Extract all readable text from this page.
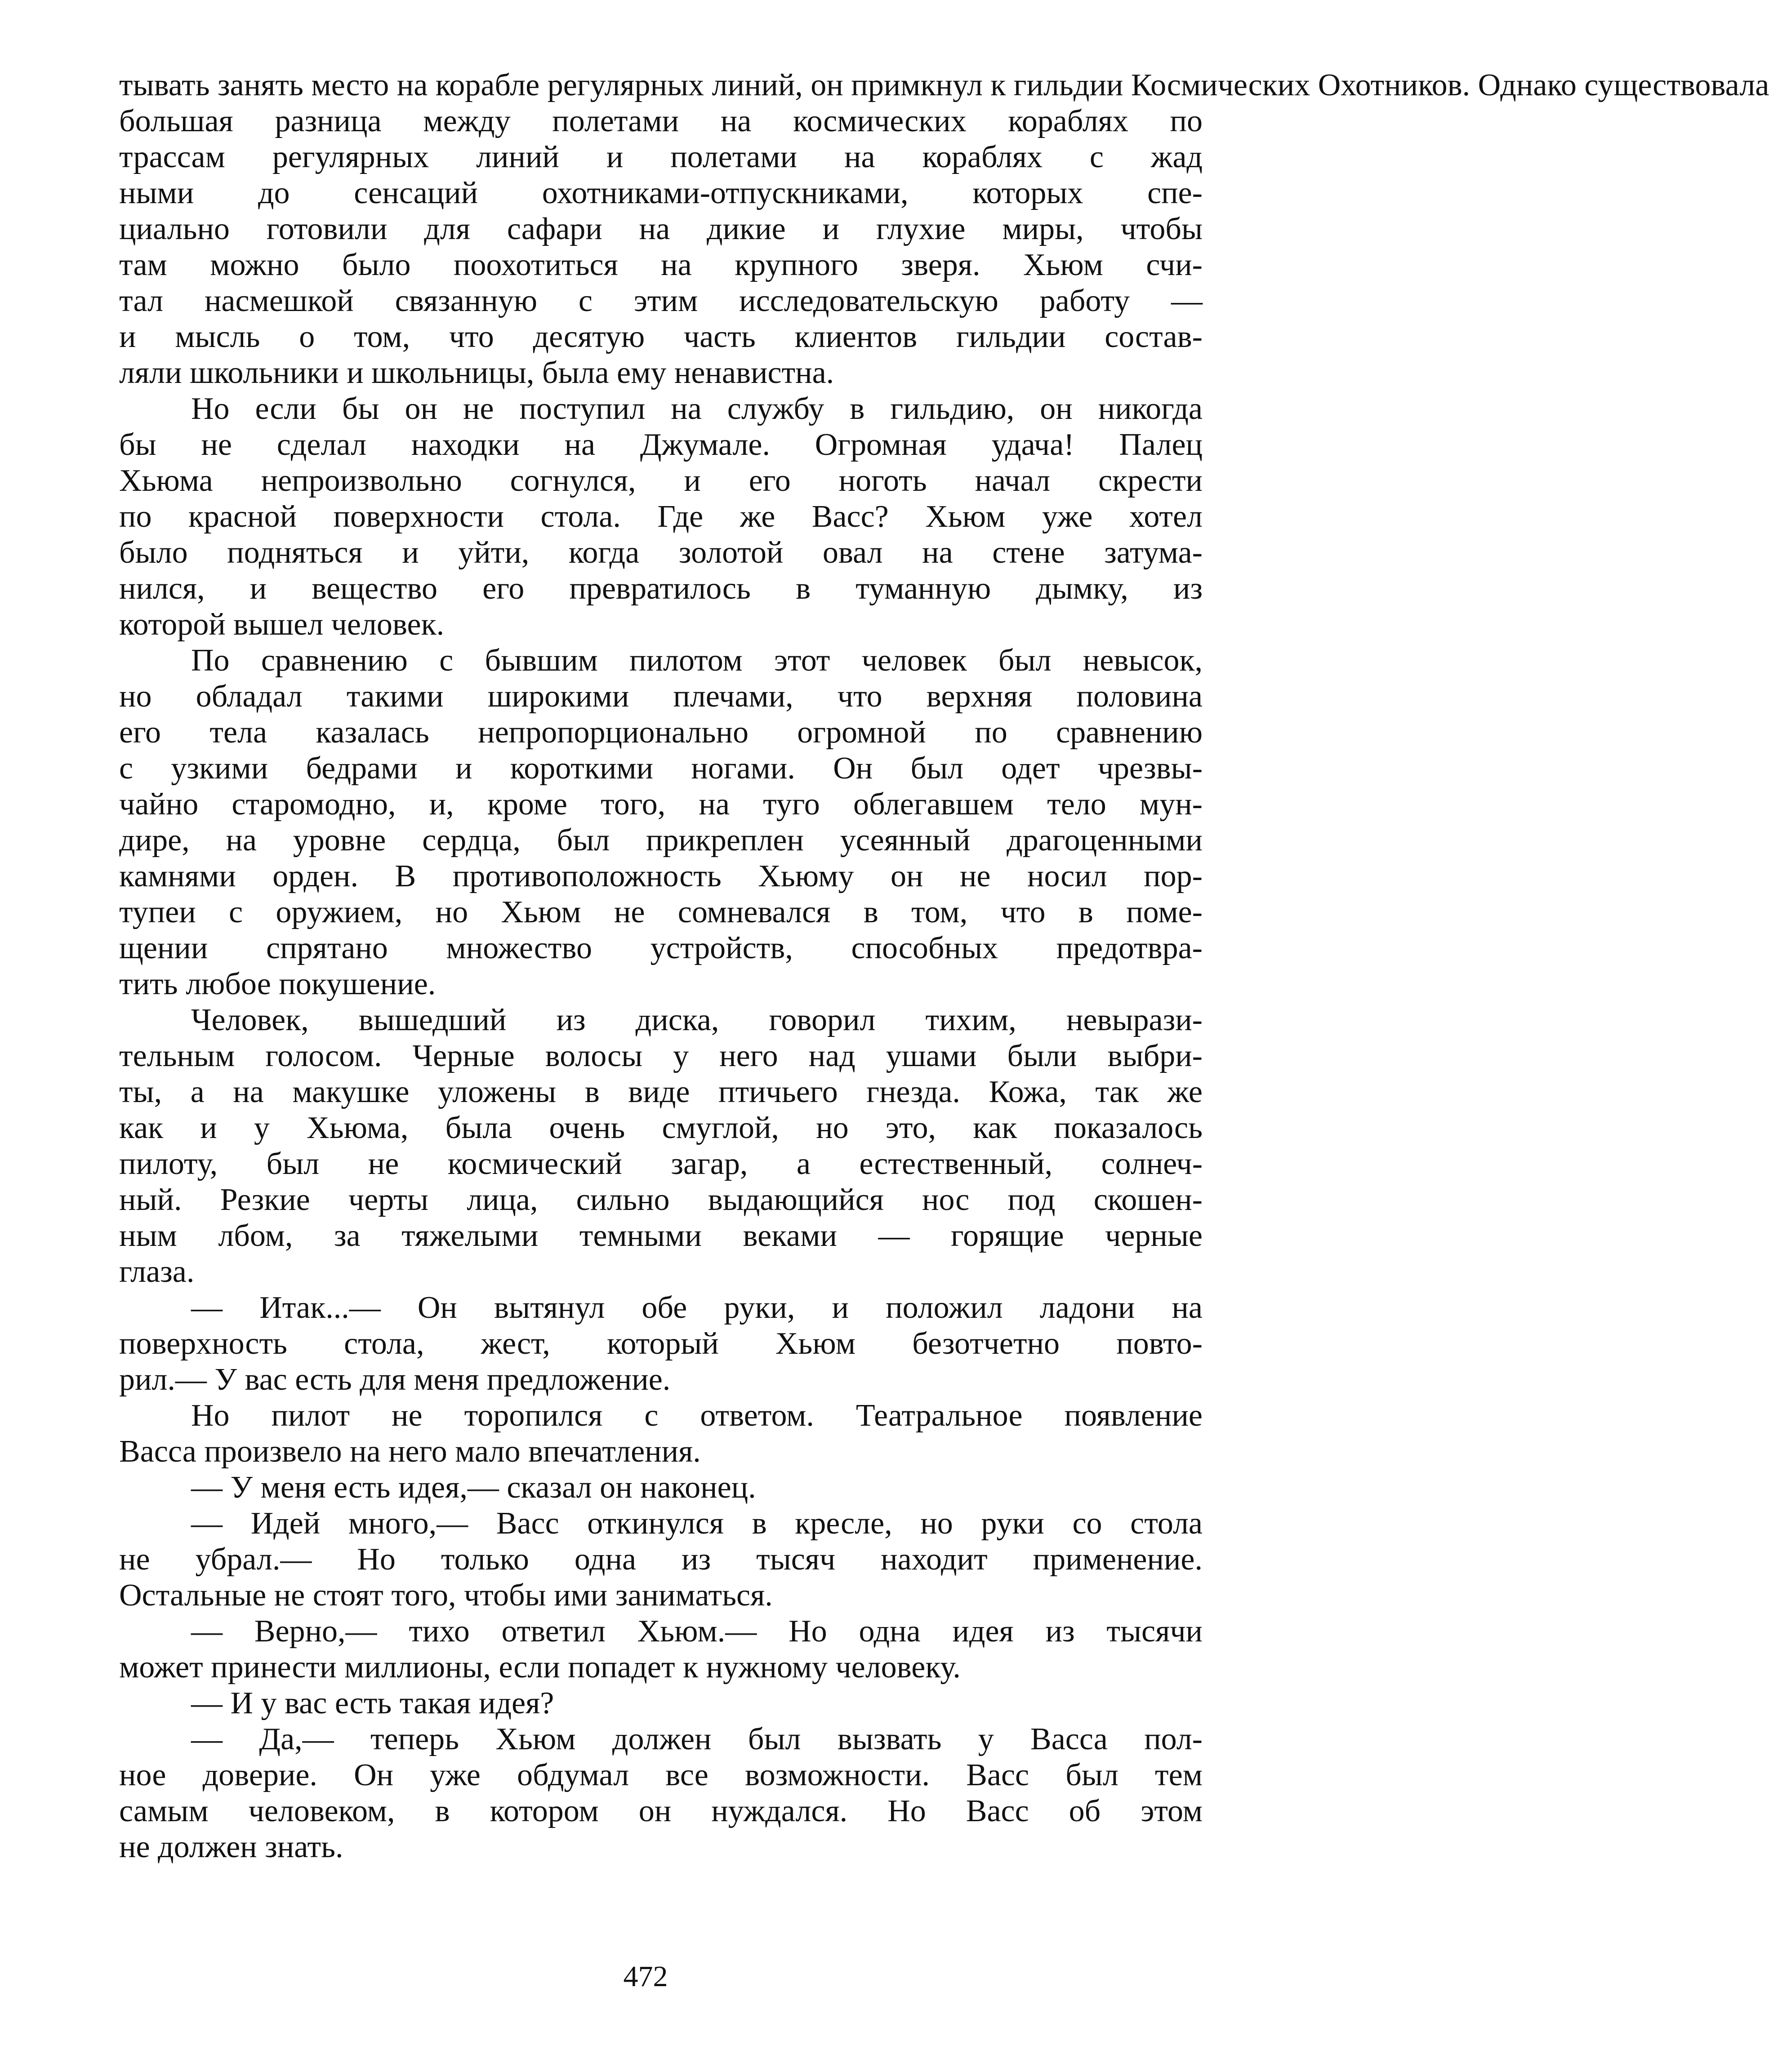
тывать занять место на корабле регулярных линий, он примкнул к гильдии Космических Охотников. Однако существовала
большая разница между полетами на космических кораблях по
трассам регулярных линий и полетами на кораблях с жад
ными до сенсаций охотниками-отпускниками, которых спе-
циально готовили для сафари на дикие и глухие миры, чтобы
там можно было поохотиться на крупного зверя. Хьюм счи-
тал насмешкой связанную с этим исследовательскую работу —
и мысль о том, что десятую часть клиентов гильдии состав-
ляли школьники и школьницы, была ему ненавистна.
Но если бы он не поступил на службу в гильдию, он никогда
бы не сделал находки на Джумале. Огромная удача! Палец
Хьюма непроизвольно согнулся, и его ноготь начал скрести
по красной поверхности стола. Где же Васс? Хьюм уже хотел
было подняться и уйти, когда золотой овал на стене затума-
нился, и вещество его превратилось в туманную дымку, из
которой вышел человек.
По сравнению с бывшим пилотом этот человек был невысок,
но обладал такими широкими плечами, что верхняя половина
его тела казалась непропорционально огромной по сравнению
с узкими бедрами и короткими ногами. Он был одет чрезвы-
чайно старомодно, и, кроме того, на туго облегавшем тело мун-
дире, на уровне сердца, был прикреплен усеянный драгоценными
камнями орден. В противоположность Хьюму он не носил пор-
тупеи с оружием, но Хьюм не сомневался в том, что в поме-
щении спрятано множество устройств, способных предотвра-
тить любое покушение.
Человек, вышедший из диска, говорил тихим, невырази-
тельным голосом. Черные волосы у него над ушами были выбри-
ты, а на макушке уложены в виде птичьего гнезда. Кожа, так же
как и у Хьюма, была очень смуглой, но это, как показалось
пилоту, был не космический загар, а естественный, солнеч-
ный. Резкие черты лица, сильно выдающийся нос под скошен-
ным лбом, за тяжелыми темными веками — горящие черные
глаза.
— Итак...— Он вытянул обе руки, и положил ладони на
поверхность стола, жест, который Хьюм безотчетно повто-
рил.— У вас есть для меня предложение.
Но пилот не торопился с ответом. Театральное появление
Васса произвело на него мало впечатления.
— У меня есть идея,— сказал он наконец.
— Идей много,— Васс откинулся в кресле, но руки со стола
не убрал.— Но только одна из тысяч находит применение.
Остальные не стоят того, чтобы ими заниматься.
— Верно,— тихо ответил Хьюм.— Но одна идея из тысячи
может принести миллионы, если попадет к нужному человеку.
— И у вас есть такая идея?
— Да,— теперь Хьюм должен был вызвать у Васса пол-
ное доверие. Он уже обдумал все возможности. Васс был тем
самым человеком, в котором он нуждался. Но Васс об этом
не должен знать.
472
